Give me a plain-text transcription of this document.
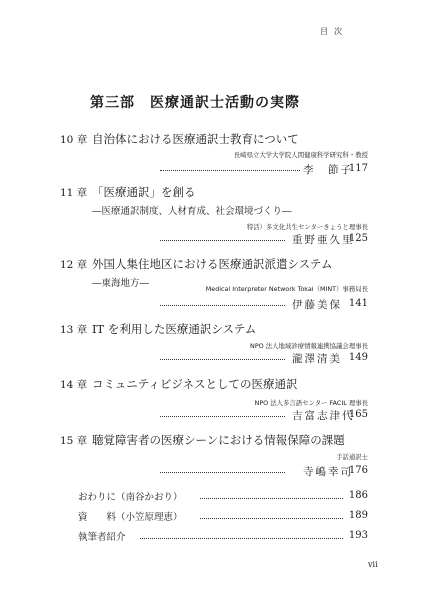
目次
第三部　医療通訳士活動の実際
10 章 自治体における医療通訳士教育について
長崎県立大学大学院人間健康科学研究科・教授
李　節子
117
11 章 「医療通訳」を創る
―医療通訳制度、人材育成、社会環境づくり―
特活）多文化共生センターきょうと理事長
重野亜久里
125
12 章 外国人集住地区における医療通訳派遣システム
―東海地方―	Medical Interpreter Network Tokai（MINT）事務局長
伊藤美保 141
13 章 IT を利用した医療通訳システム
NPO 法人地域診療情報連携協議会理事長
瀧澤清美 149
14 章 コミュニティビジネスとしての医療通訳
NPO 法人多言語センター FACIL 理事長
吉富志津代
165
15 章 聴覚障害者の医療シーンにおける情報保障の課題
手話通訳士
寺嶋幸司
176
おわりに（南谷かおり）	186
資　　料（小笠原理恵）	189
執筆者紹介	193
vii
